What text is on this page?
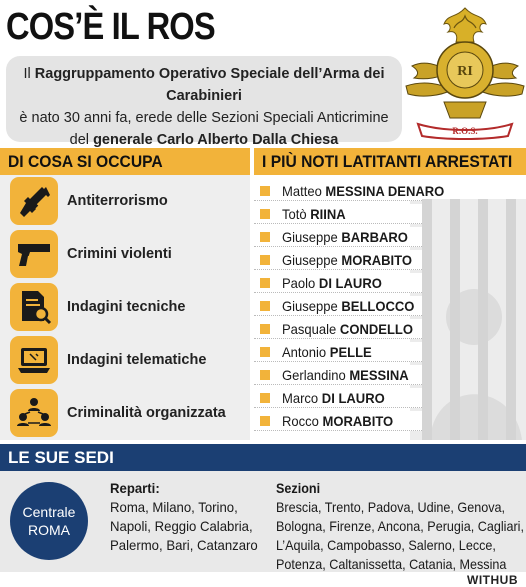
COS’È IL ROS
Il Raggruppamento Operativo Speciale dell’Arma dei Carabinieri
è nato 30 anni fa, erede delle Sezioni Speciali Anticrimine
del generale Carlo Alberto Dalla Chiesa
RI
R.O.S.
DI COSA SI OCCUPA	I PIÙ NOTI LATITANTI ARRESTATI
Antiterrorismo
Crimini violenti
Indagini tecniche
Indagini telematiche
Criminalità organizzata
Matteo MESSINA DENARO
Totò RIINA
Giuseppe BARBARO
Giuseppe MORABITO
Paolo DI LAURO
Giuseppe BELLOCCO
Pasquale CONDELLO
Antonio PELLE
Gerlandino MESSINA
Marco DI LAURO
Rocco MORABITO
LE SUE SEDI
Centrale
ROMA
Reparti:
Roma, Milano, Torino,
Napoli, Reggio Calabria,
Palermo, Bari, Catanzaro
Sezioni
Brescia, Trento, Padova, Udine, Genova,
Bologna, Firenze, Ancona, Perugia, Cagliari,
L’Aquila, Campobasso, Salerno, Lecce,
Potenza, Caltanissetta, Catania, Messina
WITHUB
